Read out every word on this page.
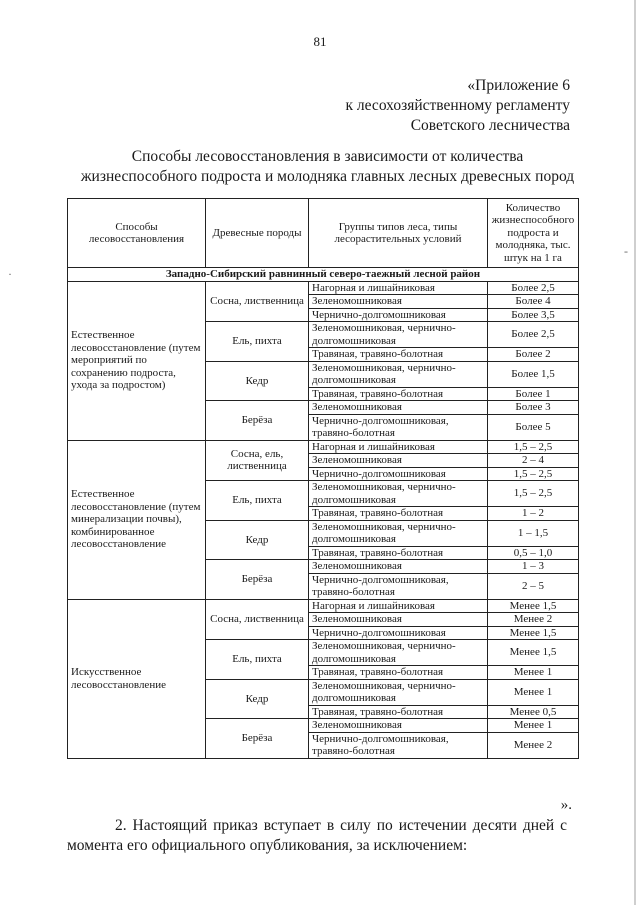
-
·
81
«Приложение 6
к лесохозяйственному регламенту
Советского лесничества
Способы лесовосстановления в зависимости от количества
жизнеспособного подроста и молодняка главных лесных древесных пород
Способы лесовосстановления	Древесные породы	Группы типов леса, типы лесорастительных условий	Количество жизнеспособного подроста и молодняка, тыс. штук на 1 га
Западно-Сибирский равнинный северо-таежный лесной район			
Естественное лесовосстановление (путем мероприятий по сохранению подроста, ухода за подростом)	Сосна, лиственница	Нагорная и лишайниковая	Более 2,5
		Зеленомошниковая	Более 4
		Чернично-долгомошниковая	Более 3,5
	Ель, пихта	Зеленомошниковая, чернично-долгомошниковая	Более 2,5
		Травяная, травяно-болотная	Более 2
	Кедр	Зеленомошниковая, чернично-долгомошниковая	Более 1,5
		Травяная, травяно-болотная	Более 1
	Берёза	Зеленомошниковая	Более 3
		Чернично-долгомошниковая, травяно-болотная	Более 5
Естественное лесовосстановление (путем минерализации почвы), комбинированное лесовосстановление	Сосна, ель, лиственница	Нагорная и лишайниковая	1,5 – 2,5
		Зеленомошниковая	2 – 4
		Чернично-долгомошниковая	1,5 – 2,5
	Ель, пихта	Зеленомошниковая, чернично-долгомошниковая	1,5 – 2,5
		Травяная, травяно-болотная	1 – 2
	Кедр	Зеленомошниковая, чернично-долгомошниковая	1 – 1,5
		Травяная, травяно-болотная	0,5 – 1,0
	Берёза	Зеленомошниковая	1 – 3
		Чернично-долгомошниковая, травяно-болотная	2 – 5
Искусственное лесовосстановление	Сосна, лиственница	Нагорная и лишайниковая	Менее 1,5
		Зеленомошниковая	Менее 2
		Чернично-долгомошниковая	Менее 1,5
	Ель, пихта	Зеленомошниковая, чернично-долгомошниковая	Менее 1,5
		Травяная, травяно-болотная	Менее 1
	Кедр	Зеленомошниковая, чернично-долгомошниковая	Менее 1
		Травяная, травяно-болотная	Менее 0,5
	Берёза	Зеленомошниковая	Менее 1
		Чернично-долгомошниковая, травяно-болотная	Менее 2
».
2. Настоящий приказ вступает в силу по истечении десяти дней с момента его официального опубликования, за исключением:
